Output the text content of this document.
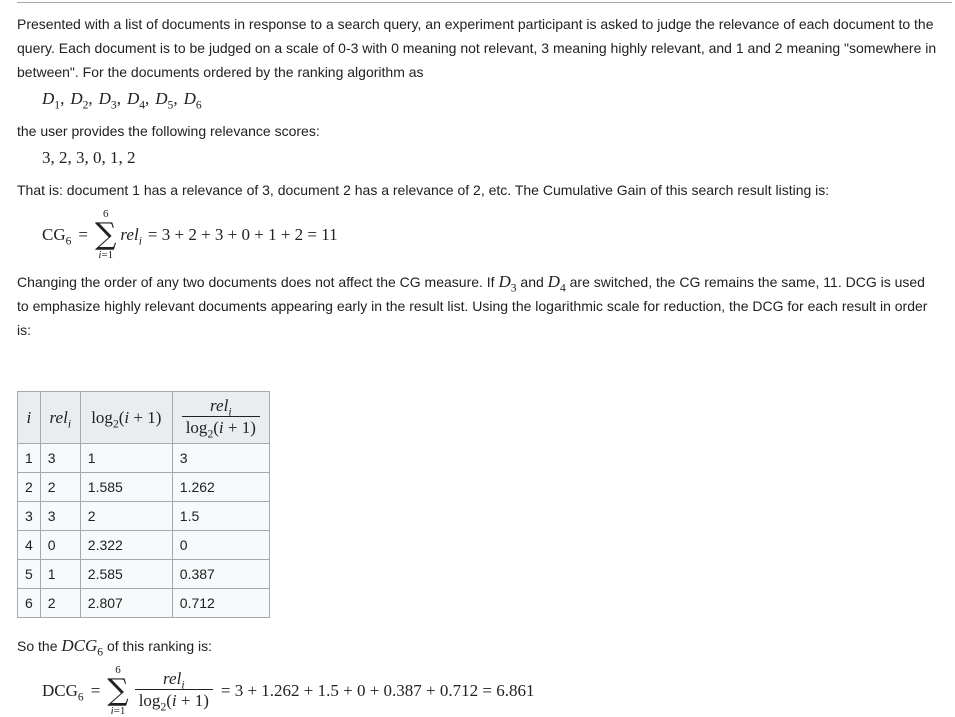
Presented with a list of documents in response to a search query, an experiment participant is asked to judge the relevance of each document to the query. Each document is to be judged on a scale of 0-3 with 0 meaning not relevant, 3 meaning highly relevant, and 1 and 2 meaning "somewhere in between". For the documents ordered by the ranking algorithm as

$D_1$, $D_2$, $D_3$, $D_4$, $D_5$, $D_6$

the user provides the following relevance scores:

3, 2, 3, 0, 1, 2

That is: document 1 has a relevance of 3, document 2 has a relevance of 2, etc. The Cumulative Gain of this search result listing is:

$CG_6$ =
6
∑
i=1
rel$_i$ = 3 + 2 + 3 + 0 + 1 + 2 = 11

Changing the order of any two documents does not affect the CG measure. If $D_3$ and $D_4$ are switched, the CG remains the same, 11. DCG is used to emphasize highly relevant documents appearing early in the result list. Using the logarithmic scale for reduction, the DCG for each result in order is:

i	rel$_i$	$\log_2(i + 1)$	$\frac{rel_i}{\log_2(i + 1)}$

1	3	1	3
2	2	1.585	1.262
3	3	2	1.5
4	0	2.322	0
5	1	2.585	0.387
6	2	2.807	0.712

So the $DCG_6$ of this ranking is:

$DCG_6$ =
6
∑
$i=1 \frac{rel_i}{\log_2(i + 1)} = 3 + 1.262 + 1.5 + 0 + 0.387 + 0.712 = 6.861$
